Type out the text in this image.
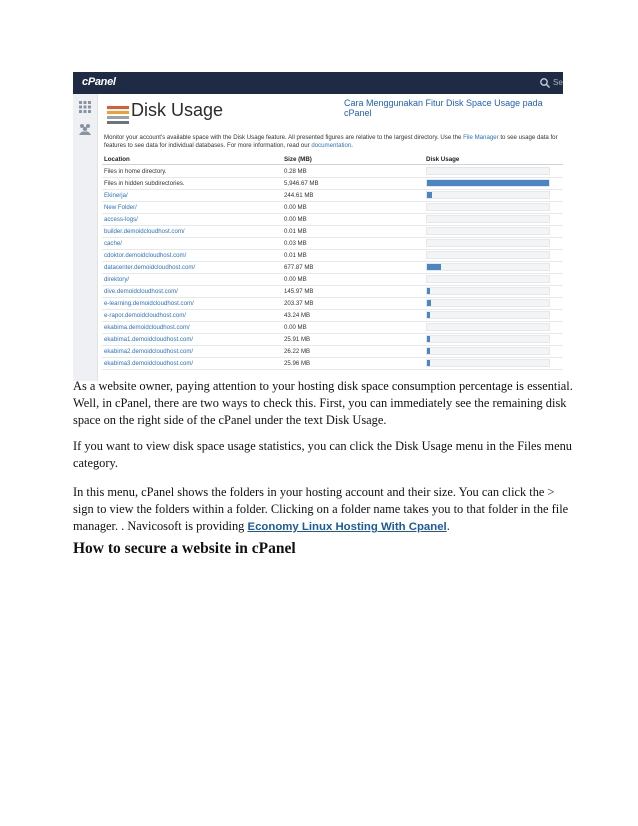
cPanel	Se
Disk Usage	Cara Menggunakan Fitur Disk Space Usage pada cPanel
Monitor your account's available space with the Disk Usage feature. All presented figures are relative to the largest directory. Use the File Manager to see usage data for features to see data for individual databases. For more information, read our documentation.
Location	Size (MB)	Disk Usage
Files in home directory.	0.28 MB
Files in hidden subdirectories.	5,946.67 MB
Ekinerja/	244.61 MB
New Folder/	0.00 MB
access-logs/	0.00 MB
builder.demoidcloudhost.com/	0.01 MB
cache/	0.03 MB
cdoktor.demoidcloudhost.com/	0.01 MB
datacenter.demoidcloudhost.com/	677.87 MB
direktory/	0.00 MB
dive.demoidcloudhost.com/	145.97 MB
e-learning.demoidcloudhost.com/	203.37 MB
e-rapor.demoidcloudhost.com/	43.24 MB
ekabima.demoidcloudhost.com/	0.00 MB
ekabima1.demoidcloudhost.com/	25.91 MB
ekabima2.demoidcloudhost.com/	26.22 MB
ekabima3.demoidcloudhost.com/	25.96 MB

As a website owner, paying attention to your hosting disk space consumption percentage is essential. Well, in cPanel, there are two ways to check this. First, you can immediately see the remaining disk space on the right side of the cPanel under the text Disk Usage.

If you want to view disk space usage statistics, you can click the Disk Usage menu in the Files menu category.

In this menu, cPanel shows the folders in your hosting account and their size. You can click the > sign to view the folders within a folder. Clicking on a folder name takes you to that folder in the file manager. . Navicosoft is providing Economy Linux Hosting With Cpanel.

How to secure a website in cPanel
